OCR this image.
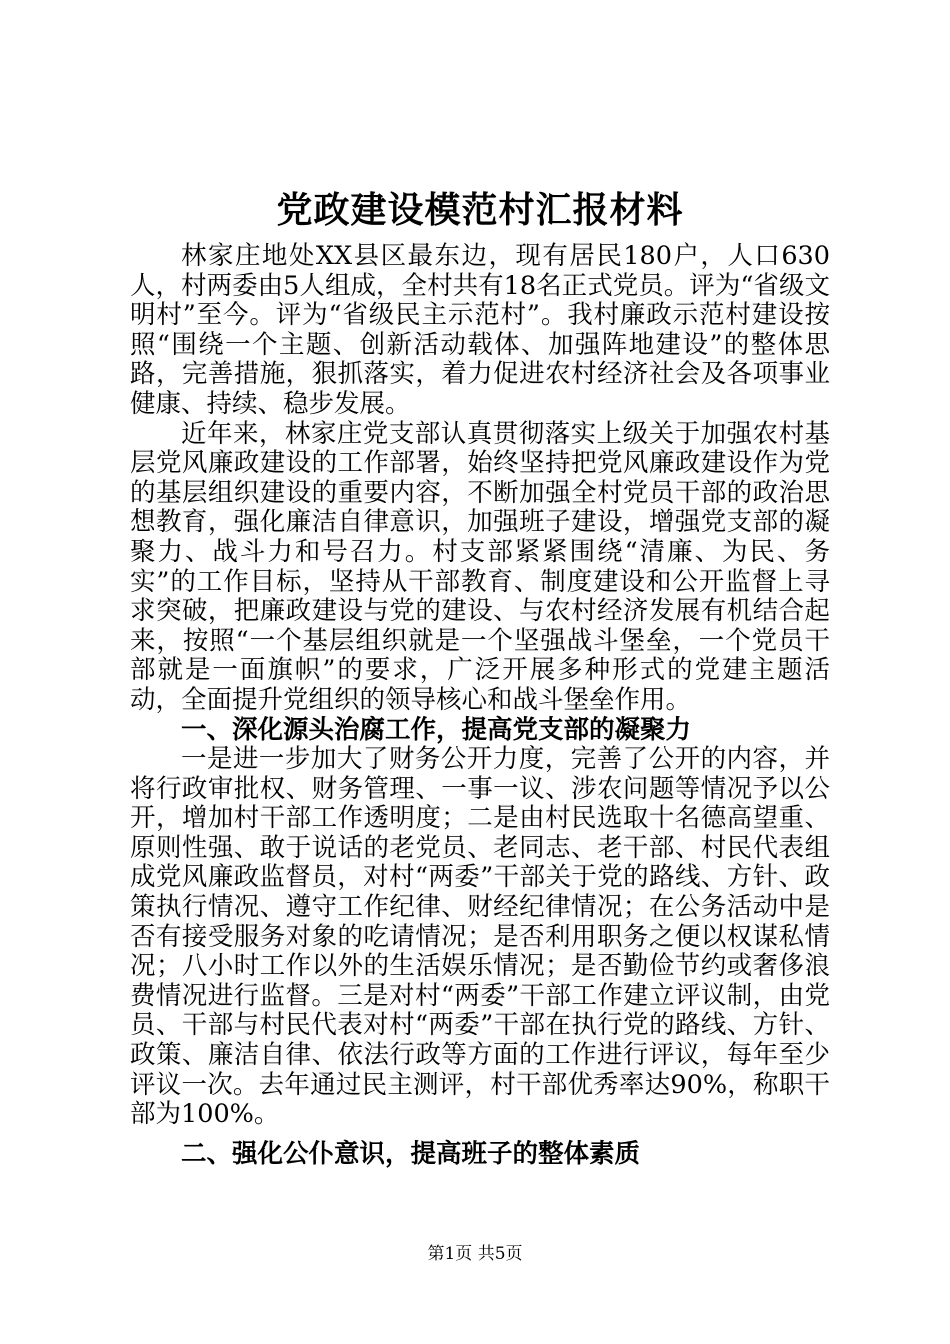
党政建设模范村汇报材料

林家庄地处XX县区最东边，现有居民180户，人口630人，村两委由5人组成，全村共有18名正式党员。评为“省级文明村”至今。评为“省级民主示范村”。我村廉政示范村建设按照“围绕一个主题、创新活动载体、加强阵地建设”的整体思路，完善措施，狠抓落实，着力促进农村经济社会及各项事业健康、持续、稳步发展。

近年来，林家庄党支部认真贯彻落实上级关于加强农村基层党风廉政建设的工作部署，始终坚持把党风廉政建设作为党的基层组织建设的重要内容，不断加强全村党员干部的政治思想教育，强化廉洁自律意识，加强班子建设，增强党支部的凝聚力、战斗力和号召力。村支部紧紧围绕“清廉、为民、务实”的工作目标，坚持从干部教育、制度建设和公开监督上寻求突破，把廉政建设与党的建设、与农村经济发展有机结合起来，按照“一个基层组织就是一个坚强战斗堡垒，一个党员干部就是一面旗帜”的要求，广泛开展多种形式的党建主题活动，全面提升党组织的领导核心和战斗堡垒作用。

一、深化源头治腐工作，提高党支部的凝聚力

一是进一步加大了财务公开力度，完善了公开的内容，并将行政审批权、财务管理、一事一议、涉农问题等情况予以公开，增加村干部工作透明度；二是由村民选取十名德高望重、原则性强、敢于说话的老党员、老同志、老干部、村民代表组成党风廉政监督员，对村“两委”干部关于党的路线、方针、政策执行情况、遵守工作纪律、财经纪律情况；在公务活动中是否有接受服务对象的吃请情况；是否利用职务之便以权谋私情况；八小时工作以外的生活娱乐情况；是否勤俭节约或奢侈浪费情况进行监督。三是对村“两委”干部工作建立评议制，由党员、干部与村民代表对村“两委”干部在执行党的路线、方针、政策、廉洁自律、依法行政等方面的工作进行评议，每年至少评议一次。去年通过民主测评，村干部优秀率达90%，称职干部为100%。

二、强化公仆意识，提高班子的整体素质

第1页 共5页
